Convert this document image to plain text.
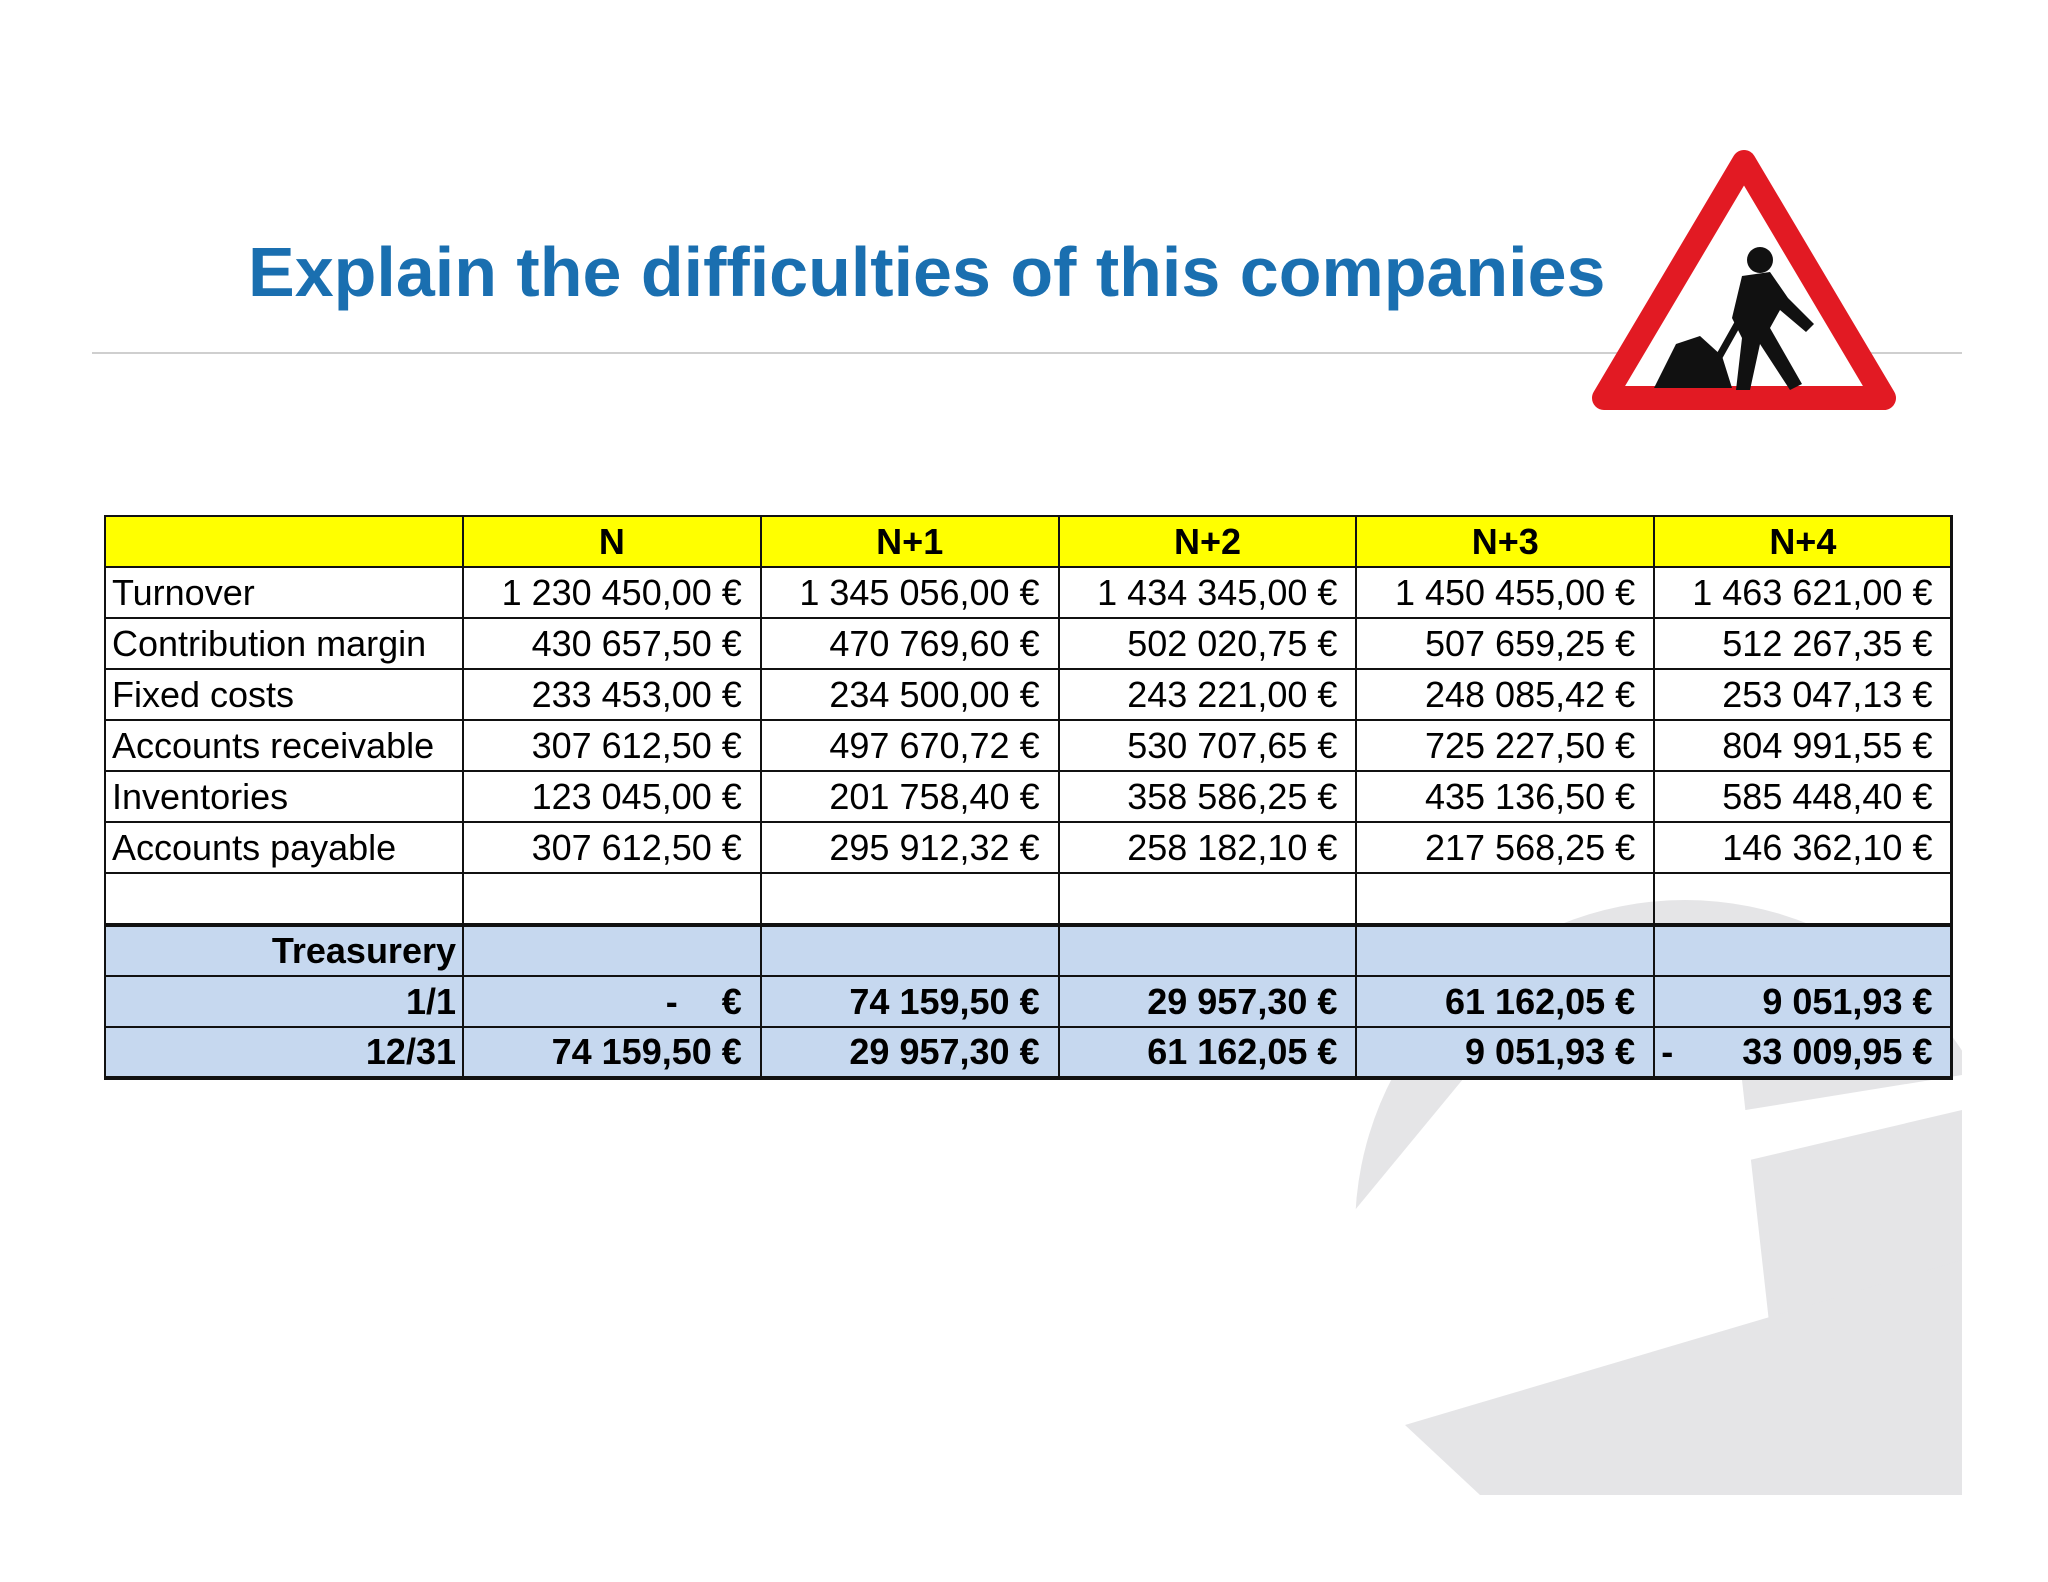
Explain the difficulties of this companies
	N	N+1	N+2	N+3	N+4
Turnover	1 230 450,00 €	1 345 056,00 €	1 434 345,00 €	1 450 455,00 €	1 463 621,00 €
Contribution margin	430 657,50 €	470 769,60 €	502 020,75 €	507 659,25 €	512 267,35 €
Fixed costs	233 453,00 €	234 500,00 €	243 221,00 €	248 085,42 €	253 047,13 €
Accounts receivable	307 612,50 €	497 670,72 €	530 707,65 €	725 227,50 €	804 991,55 €
Inventories	123 045,00 €	201 758,40 €	358 586,25 €	435 136,50 €	585 448,40 €
Accounts payable	307 612,50 €	295 912,32 €	258 182,10 €	217 568,25 €	146 362,10 €

Treasurery					
1/1	- €	74 159,50 €	29 957,30 €	61 162,05 €	9 051,93 €
12/31	74 159,50 €	29 957,30 €	61 162,05 €	9 051,93 €	- 33 009,95 €
